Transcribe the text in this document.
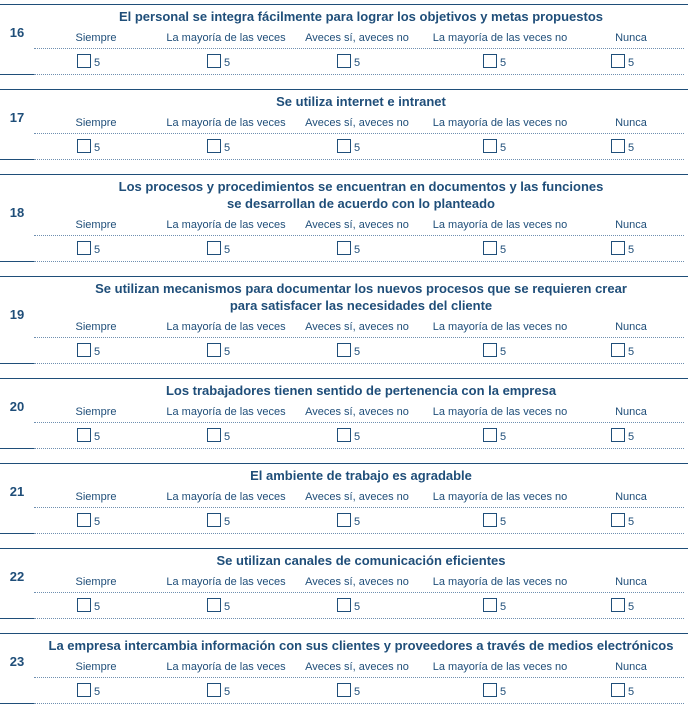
El personal se integra fácilmente para lograr los objetivos y metas propuestos
16	Siempre	La mayoría de las veces	Aveces sí, aveces no	La mayoría de las veces no	Nunca
5	5	5	5	5
Se utiliza internet e intranet
17	Siempre	La mayoría de las veces	Aveces sí, aveces no	La mayoría de las veces no	Nunca
5	5	5	5	5
Los procesos y procedimientos se encuentran en documentos y las funciones
se desarrollan de acuerdo con lo planteado
18
Siempre	La mayoría de las veces	Aveces sí, aveces no	La mayoría de las veces no	Nunca
5	5	5	5	5
Se utilizan mecanismos para documentar los nuevos procesos que se requieren crear
para satisfacer las necesidades del cliente
19
Siempre	La mayoría de las veces	Aveces sí, aveces no	La mayoría de las veces no	Nunca
5	5	5	5	5
Los trabajadores tienen sentido de pertenencia con la empresa
20	Siempre	La mayoría de las veces	Aveces sí, aveces no	La mayoría de las veces no	Nunca
5	5	5	5	5
El ambiente de trabajo es agradable
21	Siempre	La mayoría de las veces	Aveces sí, aveces no	La mayoría de las veces no	Nunca
5	5	5	5	5
Se utilizan canales de comunicación eficientes
22	Siempre	La mayoría de las veces	Aveces sí, aveces no	La mayoría de las veces no	Nunca
5	5	5	5	5
La empresa intercambia información con sus clientes y proveedores a través de medios electrónicos
23	Siempre	La mayoría de las veces	Aveces sí, aveces no	La mayoría de las veces no	Nunca
5	5	5	5	5
